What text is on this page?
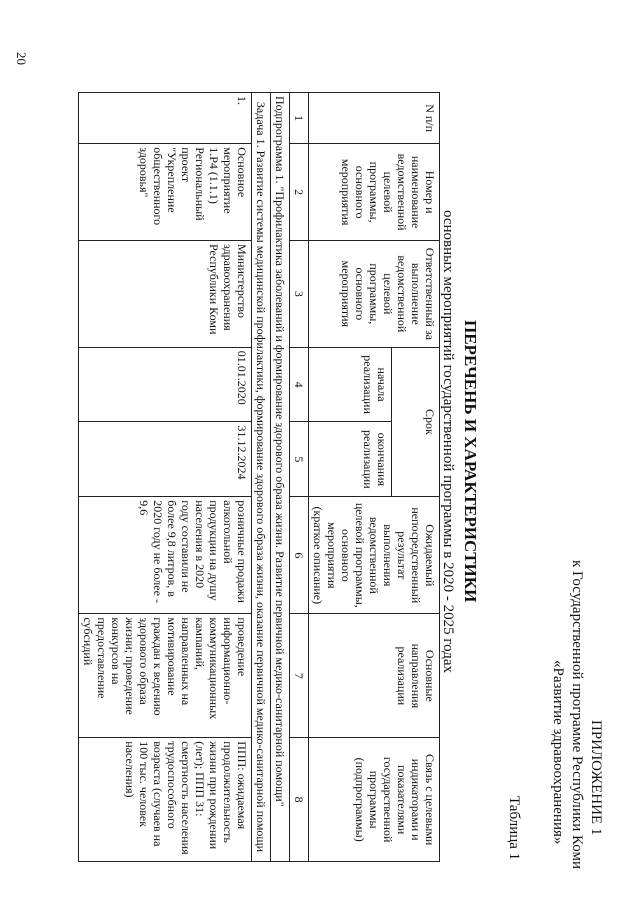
20
ПРИЛОЖЕНИЕ 1
к Государственной программе Республики Коми
«Развитие здравоохранения»
Таблица 1
ПЕРЕЧЕНЬ И ХАРАКТЕРИСТИКИ
основных мероприятий государственной программы в 2020 - 2025 годах
N п/п	Номер и наименование ведомственной целевой программы, основного мероприятия	Ответственный за выполнение ведомственной целевой программы, основного мероприятия	Срок		Ожидаемый непосредственный результат выполнения ведомственной целевой программы, основного мероприятия (краткое описание)	Основные направления реализации	Связь с целевыми индикаторами и показателями государственной программы (подпрограммы)
			начала реализации	окончания реализации			
1	2	3	4	5	6	7	8
Подпрограмма 1. "Профилактика заболеваний и формирование здорового образа жизни. Развитие первичной медико-санитарной помощи"							
Задача 1. Развитие системы медицинской профилактики, формирование здорового образа жизни, оказание первичной медико-санитарной помощи							
1.	Основное мероприятие 1.P4 (1.1.1) Региональный проект "Укрепление общественного здоровья"	Министерство здравоохранения Республики Коми	01.01.2020	31.12.2024	розничные продажи алкогольной продукции на душу населения в 2020 году составили не более 9,8 литров, в 2020 году не более - 9,6	проведение информационно-коммуникационных кампаний, направленных на мотивирование граждан к ведению здорового образа жизни; проведение конкурсов на предоставление субсидий	ППП: ожидаемая продолжительность жизни при рождении (лет); ППП 31: смертность населения трудоспособного возраста (случаев на 100 тыс. человек населения)
